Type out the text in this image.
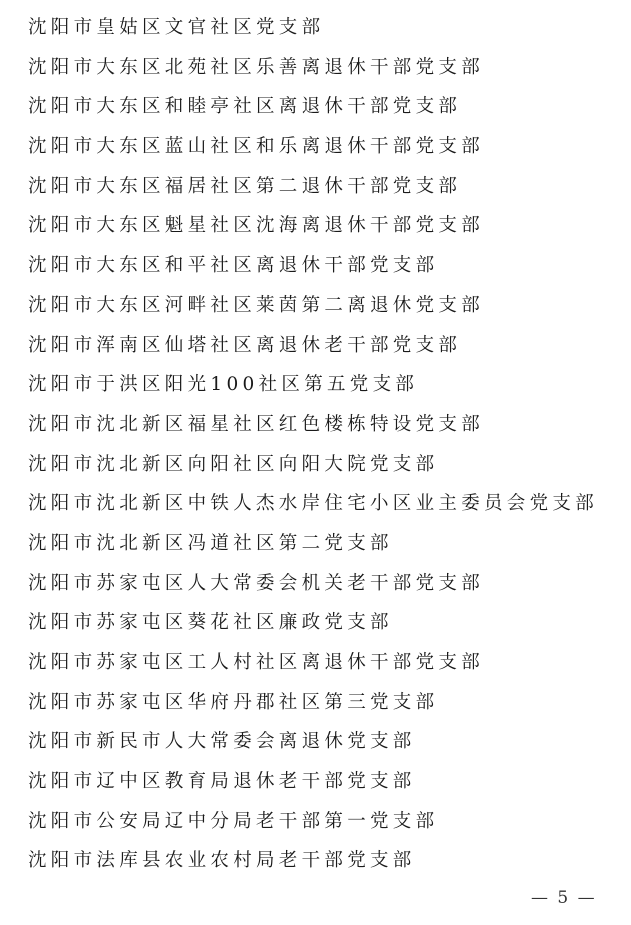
沈阳市皇姑区文官社区党支部
沈阳市大东区北苑社区乐善离退休干部党支部
沈阳市大东区和睦亭社区离退休干部党支部
沈阳市大东区蓝山社区和乐离退休干部党支部
沈阳市大东区福居社区第二退休干部党支部
沈阳市大东区魁星社区沈海离退休干部党支部
沈阳市大东区和平社区离退休干部党支部
沈阳市大东区河畔社区莱茵第二离退休党支部
沈阳市浑南区仙塔社区离退休老干部党支部
沈阳市于洪区阳光100社区第五党支部
沈阳市沈北新区福星社区红色楼栋特设党支部
沈阳市沈北新区向阳社区向阳大院党支部
沈阳市沈北新区中铁人杰水岸住宅小区业主委员会党支部
沈阳市沈北新区冯道社区第二党支部
沈阳市苏家屯区人大常委会机关老干部党支部
沈阳市苏家屯区葵花社区廉政党支部
沈阳市苏家屯区工人村社区离退休干部党支部
沈阳市苏家屯区华府丹郡社区第三党支部
沈阳市新民市人大常委会离退休党支部
沈阳市辽中区教育局退休老干部党支部
沈阳市公安局辽中分局老干部第一党支部
沈阳市法库县农业农村局老干部党支部
— 5 —
